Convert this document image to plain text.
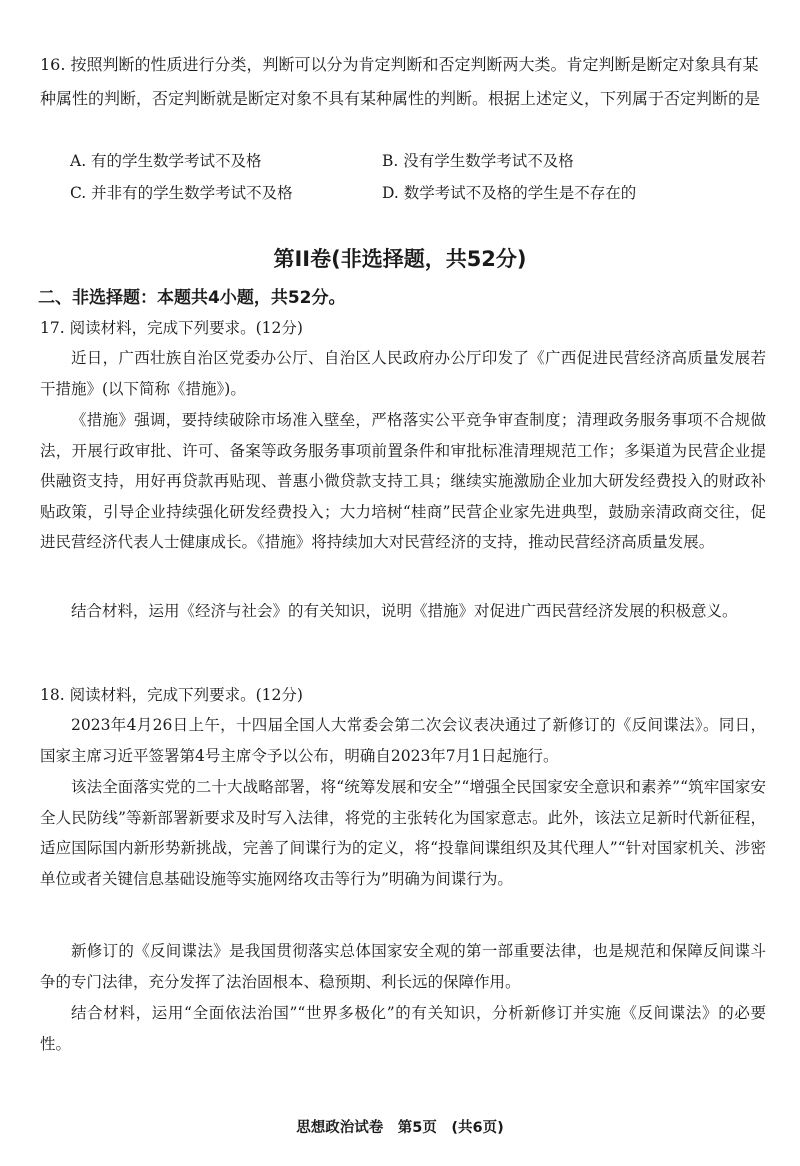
16. 按照判断的性质进行分类，判断可以分为肯定判断和否定判断两大类。肯定判断是断定对象具有某种属性的判断，否定判断就是断定对象不具有某种属性的判断。根据上述定义，下列属于否定判断的是

A. 有的学生数学考试不及格	B. 没有学生数学考试不及格
C. 并非有的学生数学考试不及格	D. 数学考试不及格的学生是不存在的
第II卷(非选择题，共52分)
二、非选择题：本题共4小题，共52分。
17. 阅读材料，完成下列要求。(12分)

近日，广西壮族自治区党委办公厅、自治区人民政府办公厅印发了《广西促进民营经济高质量发展若干措施》(以下简称《措施》)。

《措施》强调，要持续破除市场准入壁垒，严格落实公平竞争审查制度；清理政务服务事项不合规做法，开展行政审批、许可、备案等政务服务事项前置条件和审批标准清理规范工作；多渠道为民营企业提供融资支持，用好再贷款再贴现、普惠小微贷款支持工具；继续实施激励企业加大研发经费投入的财政补贴政策，引导企业持续强化研发经费投入；大力培树“桂商”民营企业家先进典型，鼓励亲清政商交往，促进民营经济代表人士健康成长。《措施》将持续加大对民营经济的支持，推动民营经济高质量发展。

结合材料，运用《经济与社会》的有关知识，说明《措施》对促进广西民营经济发展的积极意义。

18. 阅读材料，完成下列要求。(12分)

2023年4月26日上午，十四届全国人大常委会第二次会议表决通过了新修订的《反间谍法》。同日，国家主席习近平签署第4号主席令予以公布，明确自2023年7月1日起施行。

该法全面落实党的二十大战略部署，将“统筹发展和安全”“增强全民国家安全意识和素养”“筑牢国家安全人民防线”等新部署新要求及时写入法律，将党的主张转化为国家意志。此外，该法立足新时代新征程，适应国际国内新形势新挑战，完善了间谍行为的定义，将“投靠间谍组织及其代理人”“针对国家机关、涉密单位或者关键信息基础设施等实施网络攻击等行为”明确为间谍行为。

新修订的《反间谍法》是我国贯彻落实总体国家安全观的第一部重要法律，也是规范和保障反间谍斗争的专门法律，充分发挥了法治固根本、稳预期、利长远的保障作用。

结合材料，运用“全面依法治国”“世界多极化”的有关知识，分析新修订并实施《反间谍法》的必要性。

思想政治试卷　第5页　(共6页)
